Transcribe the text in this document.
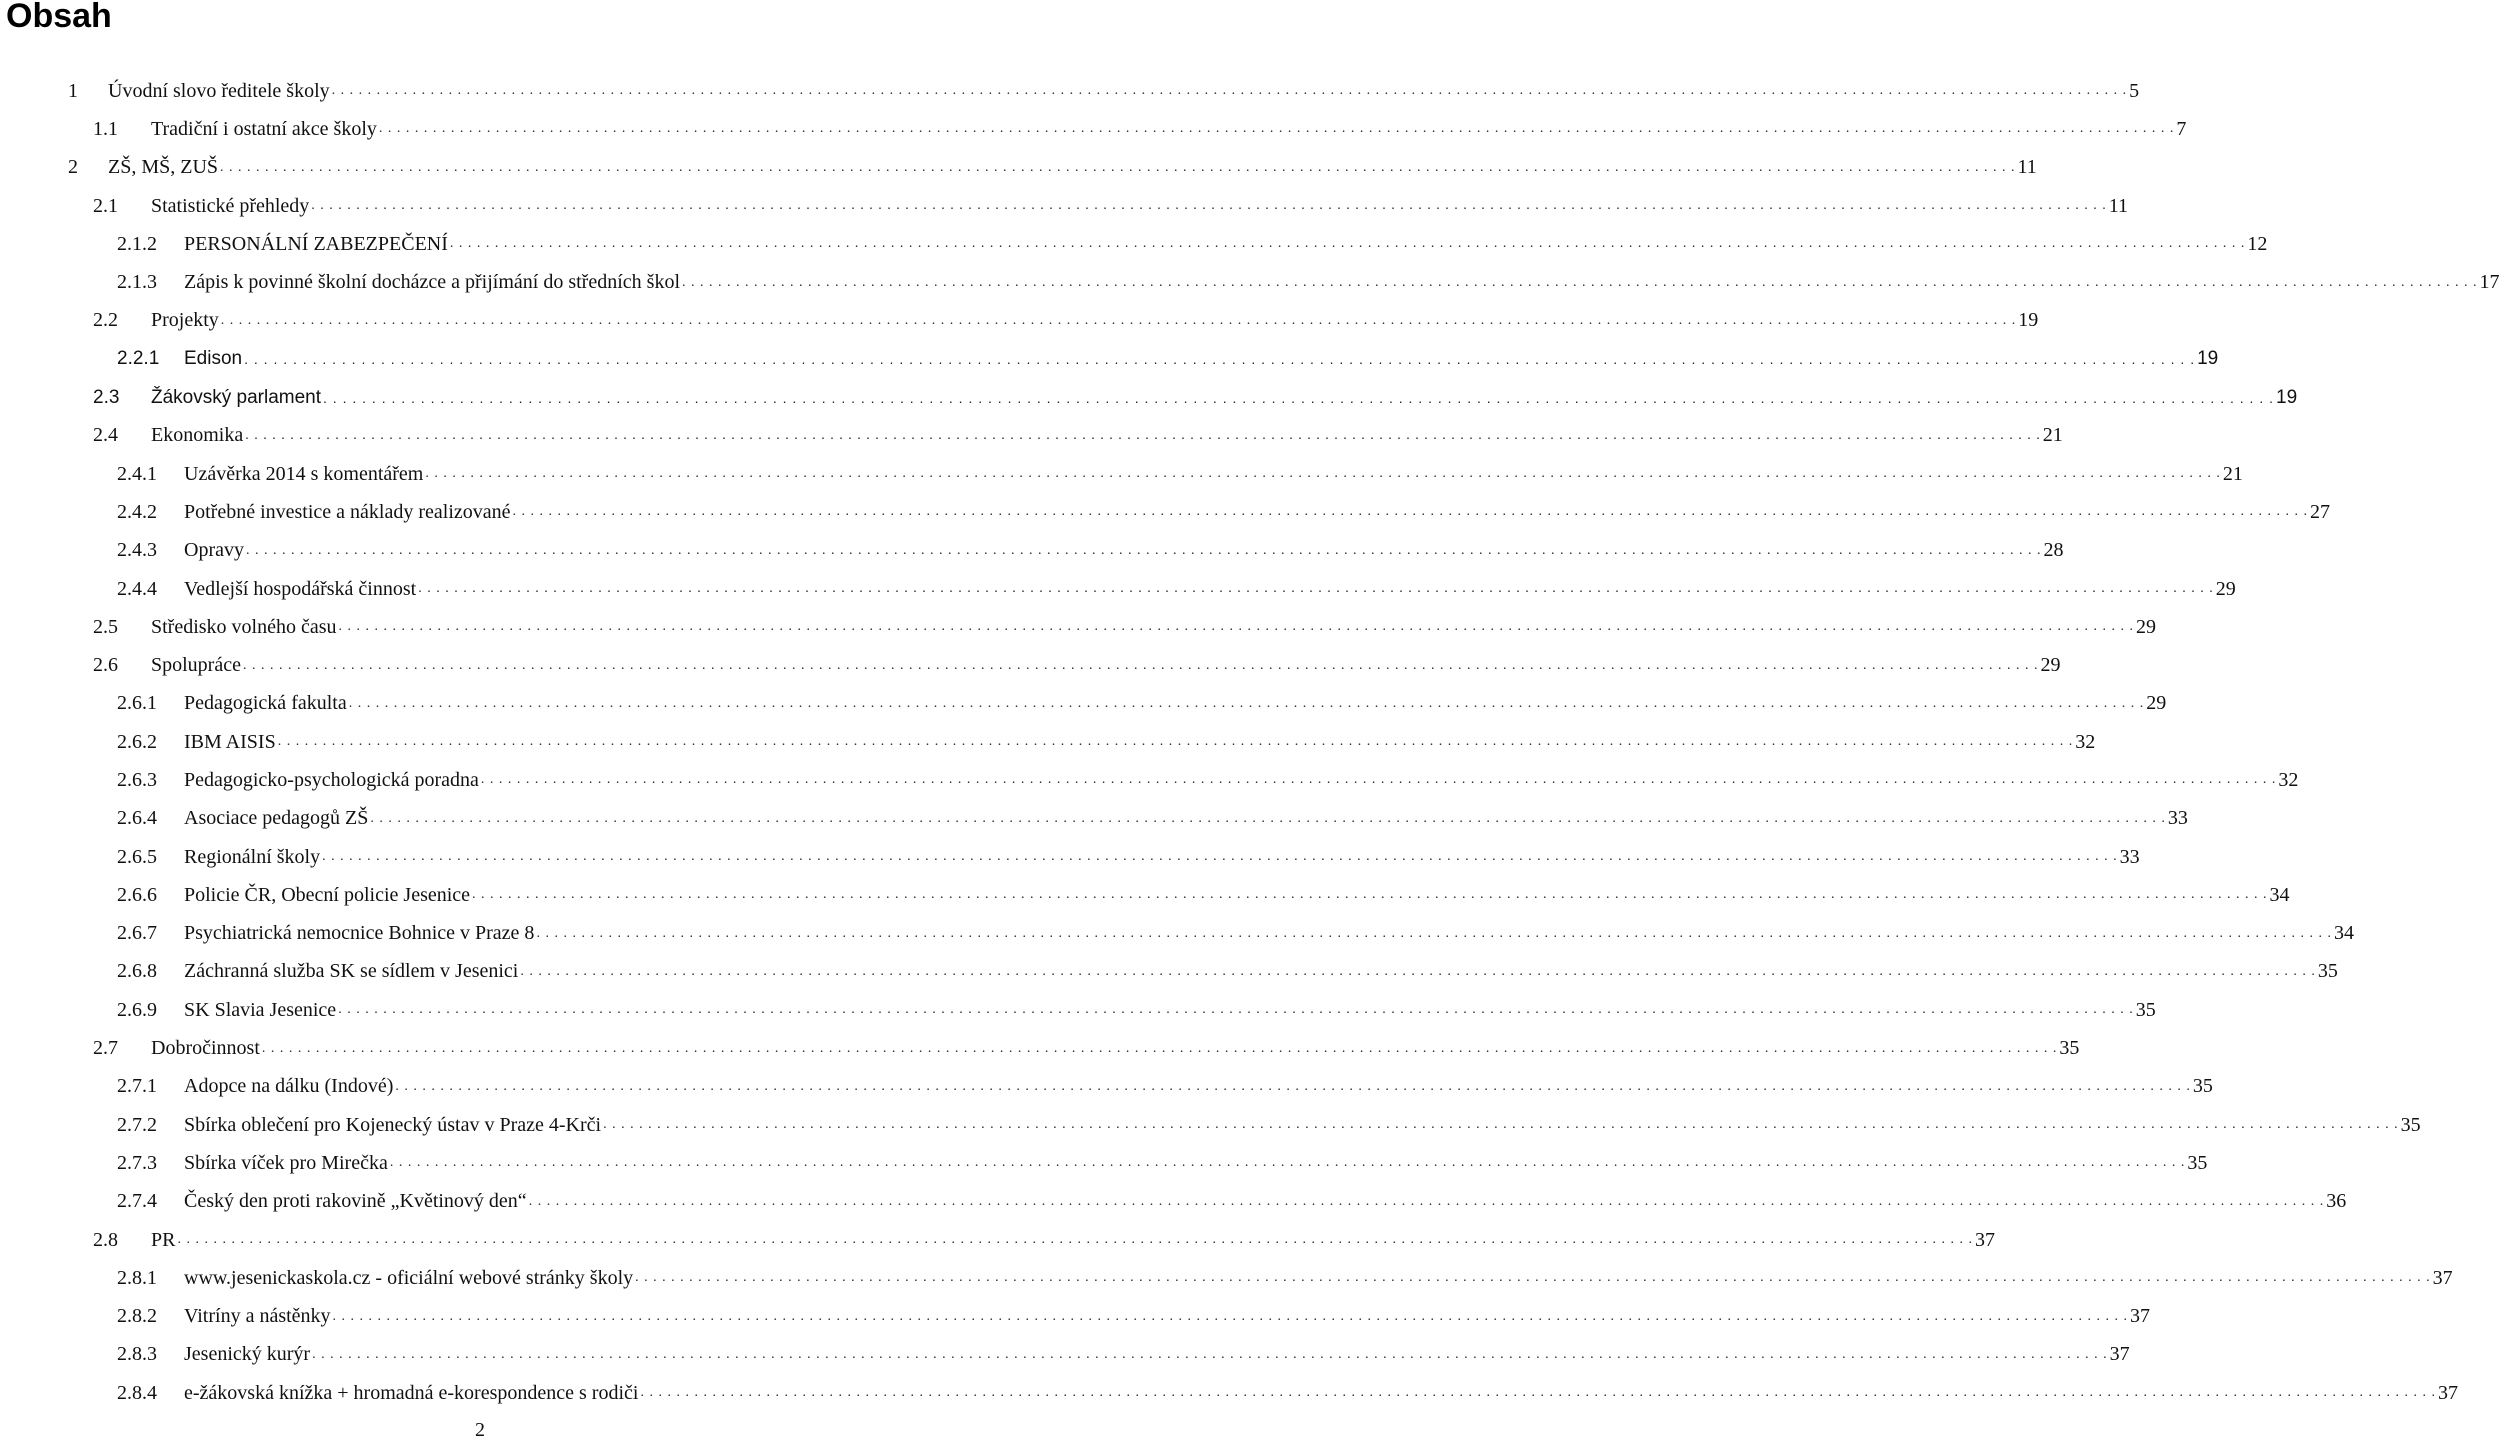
Obsah
1	Úvodní slovo ředitele školy . . . . . . . . . . . . . . . . . . . . . . . . . . . . . . . . . . . . . . . . . . . . . . . . . . . . . . . . . . . . . . . . . . . . . . . . . . . . . . . . . . . . . . . . . . . . . . . . . . . . . . . . . . . . . . . . . . . . . . . . . . . . . . . . . . . . . . . . . . . . . . . . . . . . . . . . . . . . . . . . . . . . . . . . . . . . . . . . . . . . . . . . . . . . . . . . . . . . . . . . 5
1.1	Tradiční i ostatní akce školy . . . . . . . . . . . . . . . . . . . . . . . . . . . . . . . . . . . . . . . . . . . . . . . . . . . . . . . . . . . . . . . . . . . . . . . . . . . . . . . . . . . . . . . . . . . . . . . . . . . . . . . . . . . . . . . . . . . . . . . . . . . . . . . . . . . . . . . . . . . . . . . . . . . . . . . . . . . . . . . . . . . . . . . . . . . . . . . . . . . . . . . . . . . . . . . . . . . . . . . . 7
2	ZŠ, MŠ, ZUŠ . . . . . . . . . . . . . . . . . . . . . . . . . . . . . . . . . . . . . . . . . . . . . . . . . . . . . . . . . . . . . . . . . . . . . . . . . . . . . . . . . . . . . . . . . . . . . . . . . . . . . . . . . . . . . . . . . . . . . . . . . . . . . . . . . . . . . . . . . . . . . . . . . . . . . . . . . . . . . . . . . . . . . . . . . . . . . . . . . . . . . . . . . . . . . . . . . . . . . . . . 11
2.1	Statistické přehledy . . . . . . . . . . . . . . . . . . . . . . . . . . . . . . . . . . . . . . . . . . . . . . . . . . . . . . . . . . . . . . . . . . . . . . . . . . . . . . . . . . . . . . . . . . . . . . . . . . . . . . . . . . . . . . . . . . . . . . . . . . . . . . . . . . . . . . . . . . . . . . . . . . . . . . . . . . . . . . . . . . . . . . . . . . . . . . . . . . . . . . . . . . . . . . . . . . . . . . . . 11
2.1.2	PERSONÁLNÍ ZABEZPEČENÍ . . . . . . . . . . . . . . . . . . . . . . . . . . . . . . . . . . . . . . . . . . . . . . . . . . . . . . . . . . . . . . . . . . . . . . . . . . . . . . . . . . . . . . . . . . . . . . . . . . . . . . . . . . . . . . . . . . . . . . . . . . . . . . . . . . . . . . . . . . . . . . . . . . . . . . . . . . . . . . . . . . . . . . . . . . . . . . . . . . . . . . . . . . . . . . . . . . . . . . . . 12
2.1.3	Zápis k povinné školní docházce a přijímání do středních škol . . . . . . . . . . . . . . . . . . . . . . . . . . . . . . . . . . . . . . . . . . . . . . . . . . . . . . . . . . . . . . . . . . . . . . . . . . . . . . . . . . . . . . . . . . . . . . . . . . . . . . . . . . . . . . . . . . . . . . . . . . . . . . . . . . . . . . . . . . . . . . . . . . . . . . . . . . . . . . . . . . . . . . . . . . . . . . . . . . . . . . . . . . . . . . . . . . . . . . . . 17
2.2	Projekty . . . . . . . . . . . . . . . . . . . . . . . . . . . . . . . . . . . . . . . . . . . . . . . . . . . . . . . . . . . . . . . . . . . . . . . . . . . . . . . . . . . . . . . . . . . . . . . . . . . . . . . . . . . . . . . . . . . . . . . . . . . . . . . . . . . . . . . . . . . . . . . . . . . . . . . . . . . . . . . . . . . . . . . . . . . . . . . . . . . . . . . . . . . . . . . . . . . . . . . . 19
2.2.1	Edison . . . . . . . . . . . . . . . . . . . . . . . . . . . . . . . . . . . . . . . . . . . . . . . . . . . . . . . . . . . . . . . . . . . . . . . . . . . . . . . . . . . . . . . . . . . . . . . . . . . . . . . . . . . . . . . . . . . . . . . . . . . . . . . . . . . . . . . . . . . . . . . . . . . . . . . . . . . . . . . . . . . . . . . . . . . . . . . . . . . . . . . . . . . . . . . . . . . . . . . . 19
2.3	Žákovský parlament . . . . . . . . . . . . . . . . . . . . . . . . . . . . . . . . . . . . . . . . . . . . . . . . . . . . . . . . . . . . . . . . . . . . . . . . . . . . . . . . . . . . . . . . . . . . . . . . . . . . . . . . . . . . . . . . . . . . . . . . . . . . . . . . . . . . . . . . . . . . . . . . . . . . . . . . . . . . . . . . . . . . . . . . . . . . . . . . . . . . . . . . . . . . . . . . . . . . . . . . 19
2.4	Ekonomika . . . . . . . . . . . . . . . . . . . . . . . . . . . . . . . . . . . . . . . . . . . . . . . . . . . . . . . . . . . . . . . . . . . . . . . . . . . . . . . . . . . . . . . . . . . . . . . . . . . . . . . . . . . . . . . . . . . . . . . . . . . . . . . . . . . . . . . . . . . . . . . . . . . . . . . . . . . . . . . . . . . . . . . . . . . . . . . . . . . . . . . . . . . . . . . . . . . . . . . . 21
2.4.1	Uzávěrka 2014 s komentářem . . . . . . . . . . . . . . . . . . . . . . . . . . . . . . . . . . . . . . . . . . . . . . . . . . . . . . . . . . . . . . . . . . . . . . . . . . . . . . . . . . . . . . . . . . . . . . . . . . . . . . . . . . . . . . . . . . . . . . . . . . . . . . . . . . . . . . . . . . . . . . . . . . . . . . . . . . . . . . . . . . . . . . . . . . . . . . . . . . . . . . . . . . . . . . . . . . . . . . . . 21
2.4.2	Potřebné investice a náklady realizované . . . . . . . . . . . . . . . . . . . . . . . . . . . . . . . . . . . . . . . . . . . . . . . . . . . . . . . . . . . . . . . . . . . . . . . . . . . . . . . . . . . . . . . . . . . . . . . . . . . . . . . . . . . . . . . . . . . . . . . . . . . . . . . . . . . . . . . . . . . . . . . . . . . . . . . . . . . . . . . . . . . . . . . . . . . . . . . . . . . . . . . . . . . . . . . . . . . . . . . . 27
2.4.3	Opravy . . . . . . . . . . . . . . . . . . . . . . . . . . . . . . . . . . . . . . . . . . . . . . . . . . . . . . . . . . . . . . . . . . . . . . . . . . . . . . . . . . . . . . . . . . . . . . . . . . . . . . . . . . . . . . . . . . . . . . . . . . . . . . . . . . . . . . . . . . . . . . . . . . . . . . . . . . . . . . . . . . . . . . . . . . . . . . . . . . . . . . . . . . . . . . . . . . . . . . . . 28
2.4.4	Vedlejší hospodářská činnost . . . . . . . . . . . . . . . . . . . . . . . . . . . . . . . . . . . . . . . . . . . . . . . . . . . . . . . . . . . . . . . . . . . . . . . . . . . . . . . . . . . . . . . . . . . . . . . . . . . . . . . . . . . . . . . . . . . . . . . . . . . . . . . . . . . . . . . . . . . . . . . . . . . . . . . . . . . . . . . . . . . . . . . . . . . . . . . . . . . . . . . . . . . . . . . . . . . . . . . . 29
2.5	Středisko volného času . . . . . . . . . . . . . . . . . . . . . . . . . . . . . . . . . . . . . . . . . . . . . . . . . . . . . . . . . . . . . . . . . . . . . . . . . . . . . . . . . . . . . . . . . . . . . . . . . . . . . . . . . . . . . . . . . . . . . . . . . . . . . . . . . . . . . . . . . . . . . . . . . . . . . . . . . . . . . . . . . . . . . . . . . . . . . . . . . . . . . . . . . . . . . . . . . . . . . . . . 29
2.6	Spolupráce . . . . . . . . . . . . . . . . . . . . . . . . . . . . . . . . . . . . . . . . . . . . . . . . . . . . . . . . . . . . . . . . . . . . . . . . . . . . . . . . . . . . . . . . . . . . . . . . . . . . . . . . . . . . . . . . . . . . . . . . . . . . . . . . . . . . . . . . . . . . . . . . . . . . . . . . . . . . . . . . . . . . . . . . . . . . . . . . . . . . . . . . . . . . . . . . . . . . . . . . 29
2.6.1	Pedagogická fakulta . . . . . . . . . . . . . . . . . . . . . . . . . . . . . . . . . . . . . . . . . . . . . . . . . . . . . . . . . . . . . . . . . . . . . . . . . . . . . . . . . . . . . . . . . . . . . . . . . . . . . . . . . . . . . . . . . . . . . . . . . . . . . . . . . . . . . . . . . . . . . . . . . . . . . . . . . . . . . . . . . . . . . . . . . . . . . . . . . . . . . . . . . . . . . . . . . . . . . . . . 29
2.6.2	IBM AISIS . . . . . . . . . . . . . . . . . . . . . . . . . . . . . . . . . . . . . . . . . . . . . . . . . . . . . . . . . . . . . . . . . . . . . . . . . . . . . . . . . . . . . . . . . . . . . . . . . . . . . . . . . . . . . . . . . . . . . . . . . . . . . . . . . . . . . . . . . . . . . . . . . . . . . . . . . . . . . . . . . . . . . . . . . . . . . . . . . . . . . . . . . . . . . . . . . . . . . . . . 32
2.6.3	Pedagogicko-psychologická poradna . . . . . . . . . . . . . . . . . . . . . . . . . . . . . . . . . . . . . . . . . . . . . . . . . . . . . . . . . . . . . . . . . . . . . . . . . . . . . . . . . . . . . . . . . . . . . . . . . . . . . . . . . . . . . . . . . . . . . . . . . . . . . . . . . . . . . . . . . . . . . . . . . . . . . . . . . . . . . . . . . . . . . . . . . . . . . . . . . . . . . . . . . . . . . . . . . . . . . . . . 32
2.6.4	Asociace pedagogů ZŠ . . . . . . . . . . . . . . . . . . . . . . . . . . . . . . . . . . . . . . . . . . . . . . . . . . . . . . . . . . . . . . . . . . . . . . . . . . . . . . . . . . . . . . . . . . . . . . . . . . . . . . . . . . . . . . . . . . . . . . . . . . . . . . . . . . . . . . . . . . . . . . . . . . . . . . . . . . . . . . . . . . . . . . . . . . . . . . . . . . . . . . . . . . . . . . . . . . . . . . . . 33
2.6.5	Regionální školy . . . . . . . . . . . . . . . . . . . . . . . . . . . . . . . . . . . . . . . . . . . . . . . . . . . . . . . . . . . . . . . . . . . . . . . . . . . . . . . . . . . . . . . . . . . . . . . . . . . . . . . . . . . . . . . . . . . . . . . . . . . . . . . . . . . . . . . . . . . . . . . . . . . . . . . . . . . . . . . . . . . . . . . . . . . . . . . . . . . . . . . . . . . . . . . . . . . . . . . . 33
2.6.6	Policie ČR, Obecní policie Jesenice . . . . . . . . . . . . . . . . . . . . . . . . . . . . . . . . . . . . . . . . . . . . . . . . . . . . . . . . . . . . . . . . . . . . . . . . . . . . . . . . . . . . . . . . . . . . . . . . . . . . . . . . . . . . . . . . . . . . . . . . . . . . . . . . . . . . . . . . . . . . . . . . . . . . . . . . . . . . . . . . . . . . . . . . . . . . . . . . . . . . . . . . . . . . . . . . . . . . . . . . 34
2.6.7	Psychiatrická nemocnice Bohnice v Praze 8 . . . . . . . . . . . . . . . . . . . . . . . . . . . . . . . . . . . . . . . . . . . . . . . . . . . . . . . . . . . . . . . . . . . . . . . . . . . . . . . . . . . . . . . . . . . . . . . . . . . . . . . . . . . . . . . . . . . . . . . . . . . . . . . . . . . . . . . . . . . . . . . . . . . . . . . . . . . . . . . . . . . . . . . . . . . . . . . . . . . . . . . . . . . . . . . . . . . . . . . . 34
2.6.8	Záchranná služba SK se sídlem v Jesenici . . . . . . . . . . . . . . . . . . . . . . . . . . . . . . . . . . . . . . . . . . . . . . . . . . . . . . . . . . . . . . . . . . . . . . . . . . . . . . . . . . . . . . . . . . . . . . . . . . . . . . . . . . . . . . . . . . . . . . . . . . . . . . . . . . . . . . . . . . . . . . . . . . . . . . . . . . . . . . . . . . . . . . . . . . . . . . . . . . . . . . . . . . . . . . . . . . . . . . . . 35
2.6.9	SK Slavia Jesenice . . . . . . . . . . . . . . . . . . . . . . . . . . . . . . . . . . . . . . . . . . . . . . . . . . . . . . . . . . . . . . . . . . . . . . . . . . . . . . . . . . . . . . . . . . . . . . . . . . . . . . . . . . . . . . . . . . . . . . . . . . . . . . . . . . . . . . . . . . . . . . . . . . . . . . . . . . . . . . . . . . . . . . . . . . . . . . . . . . . . . . . . . . . . . . . . . . . . . . . . 35
2.7	Dobročinnost . . . . . . . . . . . . . . . . . . . . . . . . . . . . . . . . . . . . . . . . . . . . . . . . . . . . . . . . . . . . . . . . . . . . . . . . . . . . . . . . . . . . . . . . . . . . . . . . . . . . . . . . . . . . . . . . . . . . . . . . . . . . . . . . . . . . . . . . . . . . . . . . . . . . . . . . . . . . . . . . . . . . . . . . . . . . . . . . . . . . . . . . . . . . . . . . . . . . . . . . 35
2.7.1	Adopce na dálku (Indové) . . . . . . . . . . . . . . . . . . . . . . . . . . . . . . . . . . . . . . . . . . . . . . . . . . . . . . . . . . . . . . . . . . . . . . . . . . . . . . . . . . . . . . . . . . . . . . . . . . . . . . . . . . . . . . . . . . . . . . . . . . . . . . . . . . . . . . . . . . . . . . . . . . . . . . . . . . . . . . . . . . . . . . . . . . . . . . . . . . . . . . . . . . . . . . . . . . . . . . . . 35
2.7.2	Sbírka oblečení pro Kojenecký ústav v Praze 4-Krči . . . . . . . . . . . . . . . . . . . . . . . . . . . . . . . . . . . . . . . . . . . . . . . . . . . . . . . . . . . . . . . . . . . . . . . . . . . . . . . . . . . . . . . . . . . . . . . . . . . . . . . . . . . . . . . . . . . . . . . . . . . . . . . . . . . . . . . . . . . . . . . . . . . . . . . . . . . . . . . . . . . . . . . . . . . . . . . . . . . . . . . . . . . . . . . . . . . . . . . . 35
2.7.3	Sbírka víček pro Mirečka . . . . . . . . . . . . . . . . . . . . . . . . . . . . . . . . . . . . . . . . . . . . . . . . . . . . . . . . . . . . . . . . . . . . . . . . . . . . . . . . . . . . . . . . . . . . . . . . . . . . . . . . . . . . . . . . . . . . . . . . . . . . . . . . . . . . . . . . . . . . . . . . . . . . . . . . . . . . . . . . . . . . . . . . . . . . . . . . . . . . . . . . . . . . . . . . . . . . . . . . 35
2.7.4	Český den proti rakovině „Květinový den“ . . . . . . . . . . . . . . . . . . . . . . . . . . . . . . . . . . . . . . . . . . . . . . . . . . . . . . . . . . . . . . . . . . . . . . . . . . . . . . . . . . . . . . . . . . . . . . . . . . . . . . . . . . . . . . . . . . . . . . . . . . . . . . . . . . . . . . . . . . . . . . . . . . . . . . . . . . . . . . . . . . . . . . . . . . . . . . . . . . . . . . . . . . . . . . . . . . . . . . . . 36
2.8	PR . . . . . . . . . . . . . . . . . . . . . . . . . . . . . . . . . . . . . . . . . . . . . . . . . . . . . . . . . . . . . . . . . . . . . . . . . . . . . . . . . . . . . . . . . . . . . . . . . . . . . . . . . . . . . . . . . . . . . . . . . . . . . . . . . . . . . . . . . . . . . . . . . . . . . . . . . . . . . . . . . . . . . . . . . . . . . . . . . . . . . . . . . . . . . . . . . . . . . . . . 37
2.8.1	www.jesenickaskola.cz - oficiální webové stránky školy . . . . . . . . . . . . . . . . . . . . . . . . . . . . . . . . . . . . . . . . . . . . . . . . . . . . . . . . . . . . . . . . . . . . . . . . . . . . . . . . . . . . . . . . . . . . . . . . . . . . . . . . . . . . . . . . . . . . . . . . . . . . . . . . . . . . . . . . . . . . . . . . . . . . . . . . . . . . . . . . . . . . . . . . . . . . . . . . . . . . . . . . . . . . . . . . . . . . . . . . 37
2.8.2	Vitríny a nástěnky . . . . . . . . . . . . . . . . . . . . . . . . . . . . . . . . . . . . . . . . . . . . . . . . . . . . . . . . . . . . . . . . . . . . . . . . . . . . . . . . . . . . . . . . . . . . . . . . . . . . . . . . . . . . . . . . . . . . . . . . . . . . . . . . . . . . . . . . . . . . . . . . . . . . . . . . . . . . . . . . . . . . . . . . . . . . . . . . . . . . . . . . . . . . . . . . . . . . . . . . 37
2.8.3	Jesenický kurýr . . . . . . . . . . . . . . . . . . . . . . . . . . . . . . . . . . . . . . . . . . . . . . . . . . . . . . . . . . . . . . . . . . . . . . . . . . . . . . . . . . . . . . . . . . . . . . . . . . . . . . . . . . . . . . . . . . . . . . . . . . . . . . . . . . . . . . . . . . . . . . . . . . . . . . . . . . . . . . . . . . . . . . . . . . . . . . . . . . . . . . . . . . . . . . . . . . . . . . . . 37
2.8.4	e-žákovská knížka + hromadná e-korespondence s rodiči . . . . . . . . . . . . . . . . . . . . . . . . . . . . . . . . . . . . . . . . . . . . . . . . . . . . . . . . . . . . . . . . . . . . . . . . . . . . . . . . . . . . . . . . . . . . . . . . . . . . . . . . . . . . . . . . . . . . . . . . . . . . . . . . . . . . . . . . . . . . . . . . . . . . . . . . . . . . . . . . . . . . . . . . . . . . . . . . . . . . . . . . . . . . . . . . . . . . . . . . 37
2
